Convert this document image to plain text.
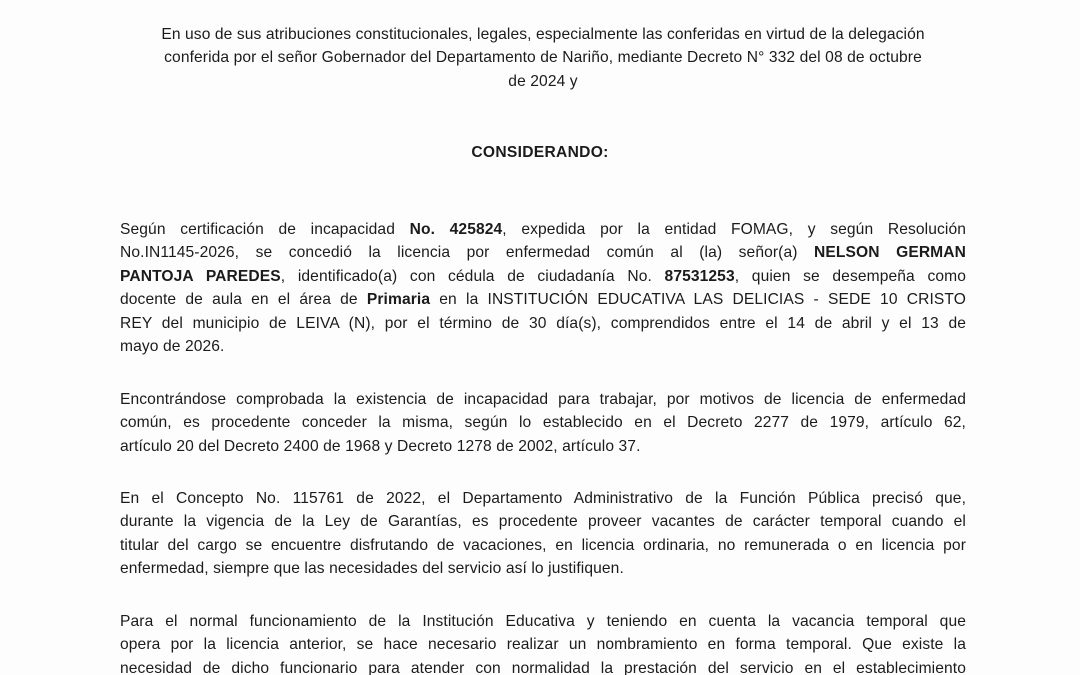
En uso de sus atribuciones constitucionales, legales, especialmente las conferidas en virtud de la delegación
conferida por el señor Gobernador del Departamento de Nariño, mediante Decreto N° 332 del 08 de octubre
de 2024 y
CONSIDERANDO:
Según certificación de incapacidad No. 425824, expedida por la entidad FOMAG, y según Resolución
No.IN1145-2026, se concedió la licencia por enfermedad común al (la) señor(a) NELSON GERMAN
PANTOJA PAREDES, identificado(a) con cédula de ciudadanía No. 87531253, quien se desempeña como
docente de aula en el área de Primaria en la INSTITUCIÓN EDUCATIVA LAS DELICIAS - SEDE 10 CRISTO
REY del municipio de LEIVA (N), por el término de 30 día(s), comprendidos entre el 14 de abril y el 13 de
mayo de 2026.
Encontrándose comprobada la existencia de incapacidad para trabajar, por motivos de licencia de enfermedad
común, es procedente conceder la misma, según lo establecido en el Decreto 2277 de 1979, artículo 62,
artículo 20 del Decreto 2400 de 1968 y Decreto 1278 de 2002, artículo 37.
En el Concepto No. 115761 de 2022, el Departamento Administrativo de la Función Pública precisó que,
durante la vigencia de la Ley de Garantías, es procedente proveer vacantes de carácter temporal cuando el
titular del cargo se encuentre disfrutando de vacaciones, en licencia ordinaria, no remunerada o en licencia por
enfermedad, siempre que las necesidades del servicio así lo justifiquen.
Para el normal funcionamiento de la Institución Educativa y teniendo en cuenta la vacancia temporal que
opera por la licencia anterior, se hace necesario realizar un nombramiento en forma temporal. Que existe la
necesidad de dicho funcionario para atender con normalidad la prestación del servicio en el establecimiento
